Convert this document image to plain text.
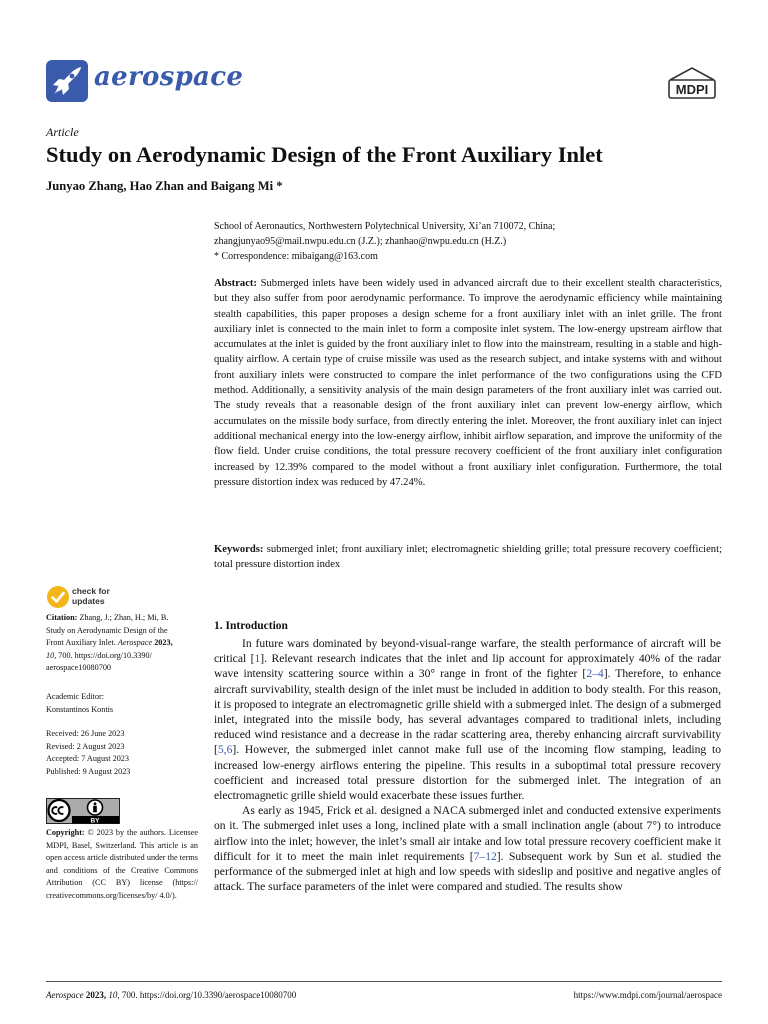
aerospace	MDPI
Article
Study on Aerodynamic Design of the Front Auxiliary Inlet
Junyao Zhang, Hao Zhan and Baigang Mi *
School of Aeronautics, Northwestern Polytechnical University, Xi’an 710072, China;
zhangjunyao95@mail.nwpu.edu.cn (J.Z.); zhanhao@nwpu.edu.cn (H.Z.)
* Correspondence: mibaigang@163.com
Abstract: Submerged inlets have been widely used in advanced aircraft due to their excellent stealth characteristics, but they also suffer from poor aerodynamic performance. To improve the aerodynamic efficiency while maintaining stealth capabilities, this paper proposes a design scheme for a front auxiliary inlet with an inlet grille. The front auxiliary inlet is connected to the main inlet to form a composite inlet system. The low-energy upstream airflow that accumulates at the inlet is guided by the front auxiliary inlet to flow into the mainstream, resulting in a stable and high-quality airflow. A certain type of cruise missile was used as the research subject, and intake systems with and without front auxiliary inlets were constructed to compare the inlet performance of the two configurations using the CFD method. Additionally, a sensitivity analysis of the main design parameters of the front auxiliary inlet was carried out. The study reveals that a reasonable design of the front auxiliary inlet can prevent low-energy airflow, which accumulates on the missile body surface, from directly entering the inlet. Moreover, the front auxiliary inlet can inject additional mechanical energy into the low-energy airflow, inhibit airflow separation, and improve the uniformity of the flow field. Under cruise conditions, the total pressure recovery coefficient of the front auxiliary inlet configuration increased by 12.39% compared to the model without a front auxiliary inlet configuration. Furthermore, the total pressure distortion index was reduced by 47.24%.
Keywords: submerged inlet; front auxiliary inlet; electromagnetic shielding grille; total pressure recovery coefficient; total pressure distortion index
check for
updates
Citation: Zhang, J.; Zhan, H.; Mi, B.
Study on Aerodynamic Design of the
Front Auxiliary Inlet. Aerospace 2023,
10, 700. https://doi.org/10.3390/
aerospace10080700
Academic Editor:
Konstantinos Kontis
Received: 26 June 2023
Revised: 2 August 2023
Accepted: 7 August 2023
Published: 9 August 2023
BY
Copyright: © 2023 by the authors. Licensee MDPI, Basel, Switzerland. This article is an open access article distributed under the terms and conditions of the Creative Commons Attribution (CC BY) license (https:// creativecommons.org/licenses/by/ 4.0/).
1. Introduction

In future wars dominated by beyond-visual-range warfare, the stealth performance of aircraft will be critical [1]. Relevant research indicates that the inlet and lip account for approximately 40% of the radar wave intensity scattering source within a 30° range in front of the fighter [2–4]. Therefore, to enhance aircraft survivability, stealth design of the inlet must be included in addition to body stealth. For this reason, it is proposed to integrate an electromagnetic grille shield with a submerged inlet. The design of a submerged inlet, integrated into the missile body, has several advantages compared to traditional inlets, including reduced wind resistance and a decrease in the radar scattering area, thereby enhancing aircraft survivability [5,6]. However, the submerged inlet cannot make full use of the incoming flow stamping, leading to increased low-energy airflows entering the pipeline. This results in a suboptimal total pressure recovery coefficient and increased total pressure distortion for the submerged inlet. The integration of an electromagnetic grille shield would exacerbate these issues further.

As early as 1945, Frick et al. designed a NACA submerged inlet and conducted extensive experiments on it. The submerged inlet uses a long, inclined plate with a small inclination angle (about 7°) to introduce airflow into the inlet; however, the inlet’s small air intake and low total pressure recovery coefficient make it difficult for it to meet the main inlet requirements [7–12]. Subsequent work by Sun et al. studied the performance of the submerged inlet at high and low speeds with sideslip and positive and negative angles of attack. The surface parameters of the inlet were compared and studied. The results show

Aerospace 2023, 10, 700. https://doi.org/10.3390/aerospace10080700	https://www.mdpi.com/journal/aerospace
